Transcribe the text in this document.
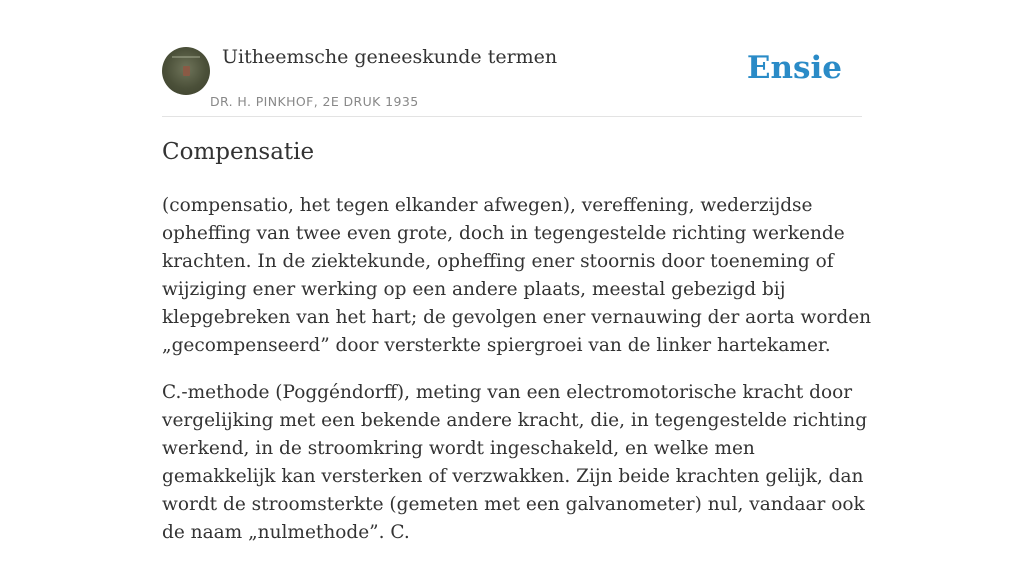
Uitheemsche geneeskunde termen
DR. H. PINKHOF, 2E DRUK 1935
Ensie
Compensatie

(compensatio, het tegen elkander afwegen), vereffening, wederzijdse opheffing van twee even grote, doch in tegengestelde richting werkende krachten. In de ziektekunde, opheffing ener stoornis door toeneming of wijziging ener werking op een andere plaats, meestal gebezigd bij klepgebreken van het hart; de gevolgen ener vernauwing der aorta worden „gecompenseerd” door versterkte spiergroei van de linker hartekamer.

C.-methode (Poggéndorff), meting van een electromotorische kracht door vergelijking met een bekende andere kracht, die, in tegengestelde richting werkend, in de stroomkring wordt ingeschakeld, en welke men gemakkelijk kan versterken of verzwakken. Zijn beide krachten gelijk, dan wordt de stroomsterkte (gemeten met een galvanometer) nul, vandaar ook de naam „nulmethode”. C.
